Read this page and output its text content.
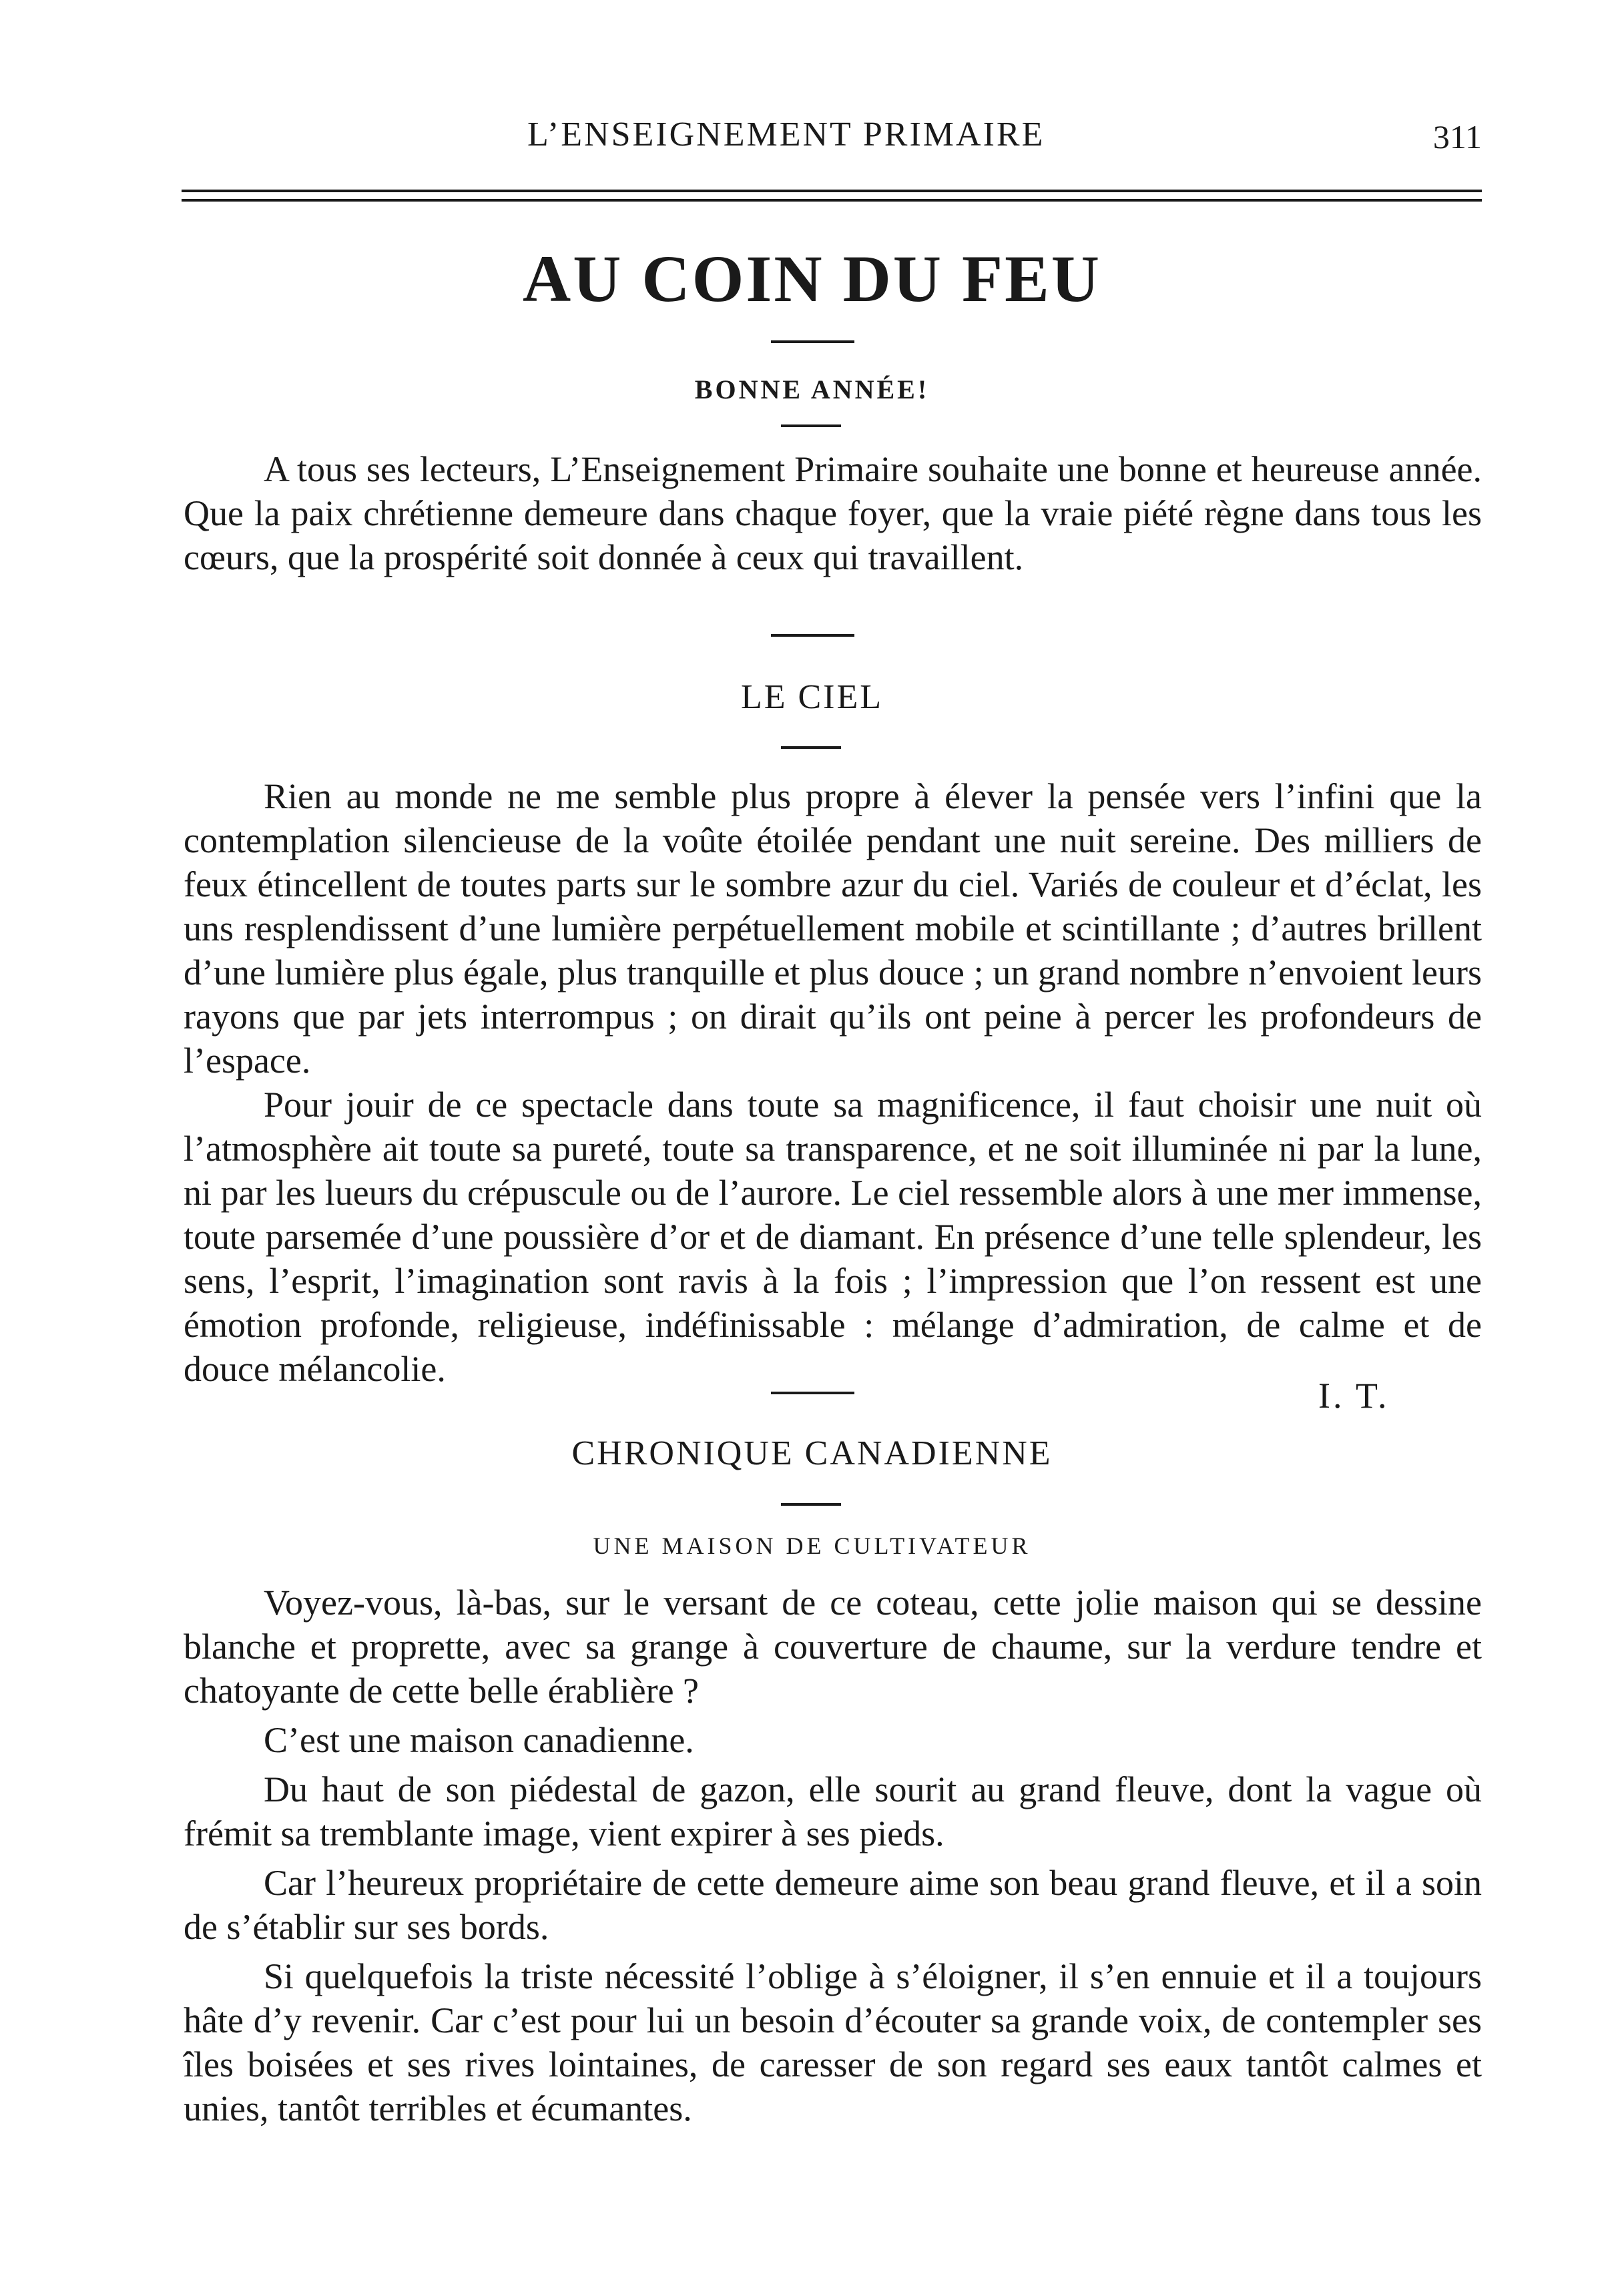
L’ENSEIGNEMENT PRIMAIRE	311
AU COIN DU FEU
BONNE ANNÉE!

A tous ses lecteurs, L’Enseignement Primaire souhaite une bonne et heureuse année. Que la paix chrétienne demeure dans chaque foyer, que la vraie piété règne dans tous les cœurs, que la prospérité soit donnée à ceux qui travaillent.

LE CIEL

Rien au monde ne me semble plus propre à élever la pensée vers l’infini que la contemplation silencieuse de la voûte étoilée pendant une nuit sereine. Des milliers de feux étincellent de toutes parts sur le sombre azur du ciel. Variés de couleur et d’éclat, les uns resplendissent d’une lumière perpétuellement mobile et scintillante ; d’autres brillent d’une lumière plus égale, plus tranquille et plus douce ; un grand nombre n’envoient leurs rayons que par jets interrompus ; on dirait qu’ils ont peine à percer les profondeurs de l’espace.

Pour jouir de ce spectacle dans toute sa magnificence, il faut choisir une nuit où l’atmosphère ait toute sa pureté, toute sa transparence, et ne soit illuminée ni par la lune, ni par les lueurs du crépuscule ou de l’aurore. Le ciel ressemble alors à une mer immense, toute parsemée d’une poussière d’or et de diamant. En présence d’une telle splendeur, les sens, l’esprit, l’imagination sont ravis à la fois ; l’impression que l’on ressent est une émotion profonde, religieuse, indéfinissable : mélange d’admiration, de calme et de douce mélancolie.

I. T.
CHRONIQUE CANADIENNE
UNE MAISON DE CULTIVATEUR

Voyez-vous, là-bas, sur le versant de ce coteau, cette jolie maison qui se dessine blanche et proprette, avec sa grange à couverture de chaume, sur la verdure tendre et chatoyante de cette belle érablière ?

C’est une maison canadienne.

Du haut de son piédestal de gazon, elle sourit au grand fleuve, dont la vague où frémit sa tremblante image, vient expirer à ses pieds.

Car l’heureux propriétaire de cette demeure aime son beau grand fleuve, et il a soin de s’établir sur ses bords.

Si quelquefois la triste nécessité l’oblige à s’éloigner, il s’en ennuie et il a toujours hâte d’y revenir. Car c’est pour lui un besoin d’écouter sa grande voix, de contempler ses îles boisées et ses rives lointaines, de caresser de son regard ses eaux tantôt calmes et unies, tantôt terribles et écumantes.
